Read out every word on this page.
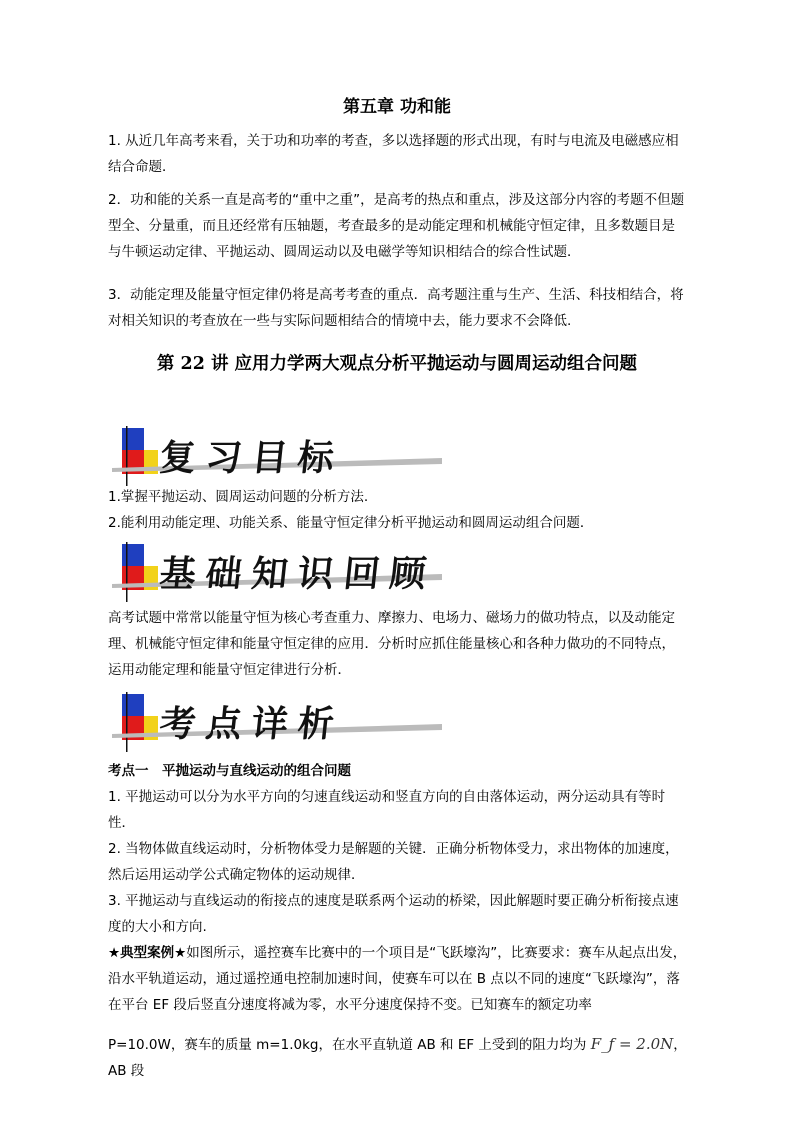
第五章 功和能

1. 从近几年高考来看，关于功和功率的考查，多以选择题的形式出现，有时与电流及电磁感应相结合命题．

2．功和能的关系一直是高考的“重中之重”，是高考的热点和重点，涉及这部分内容的考题不但题型全、分量重，而且还经常有压轴题，考查最多的是动能定理和机械能守恒定律，且多数题目是与牛顿运动定律、平抛运动、圆周运动以及电磁学等知识相结合的综合性试题．

3．动能定理及能量守恒定律仍将是高考考查的重点．高考题注重与生产、生活、科技相结合，将对相关知识的考查放在一些与实际问题相结合的情境中去，能力要求不会降低.

第 22 讲 应用力学两大观点分析平抛运动与圆周运动组合问题
复习目标

1.掌握平抛运动、圆周运动问题的分析方法.

2.能利用动能定理、功能关系、能量守恒定律分析平抛运动和圆周运动组合问题．

基础知识回顾

高考试题中常常以能量守恒为核心考查重力、摩擦力、电场力、磁场力的做功特点，以及动能定理、机械能守恒定律和能量守恒定律的应用．分析时应抓住能量核心和各种力做功的不同特点，运用动能定理和能量守恒定律进行分析．

考点详析

考点一　平抛运动与直线运动的组合问题

1. 平抛运动可以分为水平方向的匀速直线运动和竖直方向的自由落体运动，两分运动具有等时性．

2. 当物体做直线运动时，分析物体受力是解题的关键．正确分析物体受力，求出物体的加速度，然后运用运动学公式确定物体的运动规律．

3. 平抛运动与直线运动的衔接点的速度是联系两个运动的桥梁，因此解题时要正确分析衔接点速度的大小和方向.

★典型案例★如图所示，遥控赛车比赛中的一个项目是“飞跃壕沟”，比赛要求：赛车从起点出发，沿水平轨道运动，通过遥控通电控制加速时间，使赛车可以在 B 点以不同的速度“飞跃壕沟”，落在平台 EF 段后竖直分速度将减为零，水平分速度保持不变。已知赛车的额定功率

P=10.0W，赛车的质量 m=1.0kg，在水平直轨道 AB 和 EF 上受到的阻力均为 F_f = 2.0N，AB 段
